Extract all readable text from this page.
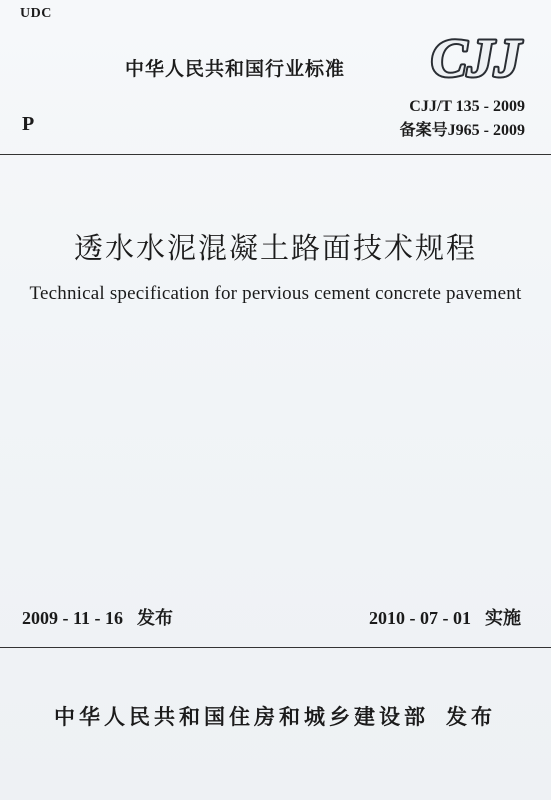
UDC
中华人民共和国行业标准 CJJ
P
CJJ/T 135 - 2009
备案号J965 - 2009
透水水泥混凝土路面技术规程
Technical specification for pervious cement concrete pavement
2009 - 11 - 16 发布	2010 - 07 - 01 实施
中华人民共和国住房和城乡建设部 发布
